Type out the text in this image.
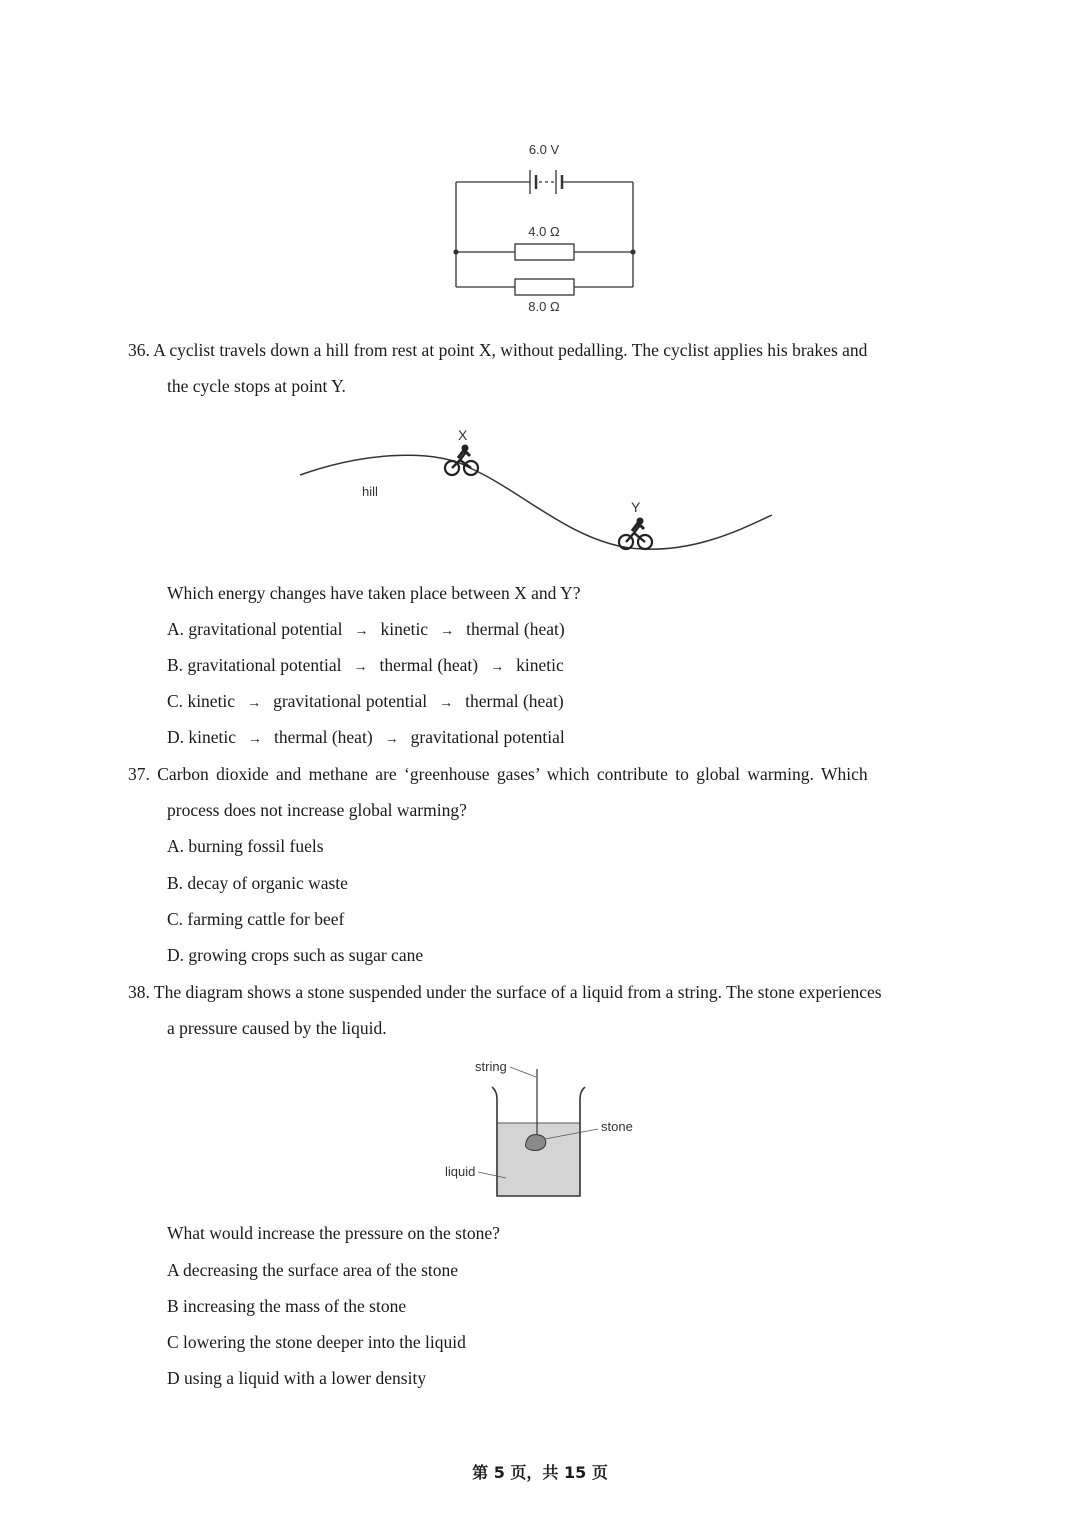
6.0 V
4.0 Ω
8.0 Ω
36. A cyclist travels down a hill from rest at point X, without pedalling. The cyclist applies his brakes and
the cycle stops at point Y.
hill
X
Y
Which energy changes have taken place between X and Y?
A. gravitational potential → kinetic → thermal (heat)
B. gravitational potential → thermal (heat) → kinetic
C. kinetic → gravitational potential → thermal (heat)
D. kinetic → thermal (heat) → gravitational potential
37. Carbon dioxide and methane are ‘greenhouse gases’ which contribute to global warming. Which
process does not increase global warming?
A. burning fossil fuels
B. decay of organic waste
C. farming cattle for beef
D. growing crops such as sugar cane
38. The diagram shows a stone suspended under the surface of a liquid from a string. The stone experiences
a pressure caused by the liquid.
string
stone
liquid
What would increase the pressure on the stone?
A decreasing the surface area of the stone
B increasing the mass of the stone
C lowering the stone deeper into the liquid
D using a liquid with a lower density
第 5 页，共 15 页
